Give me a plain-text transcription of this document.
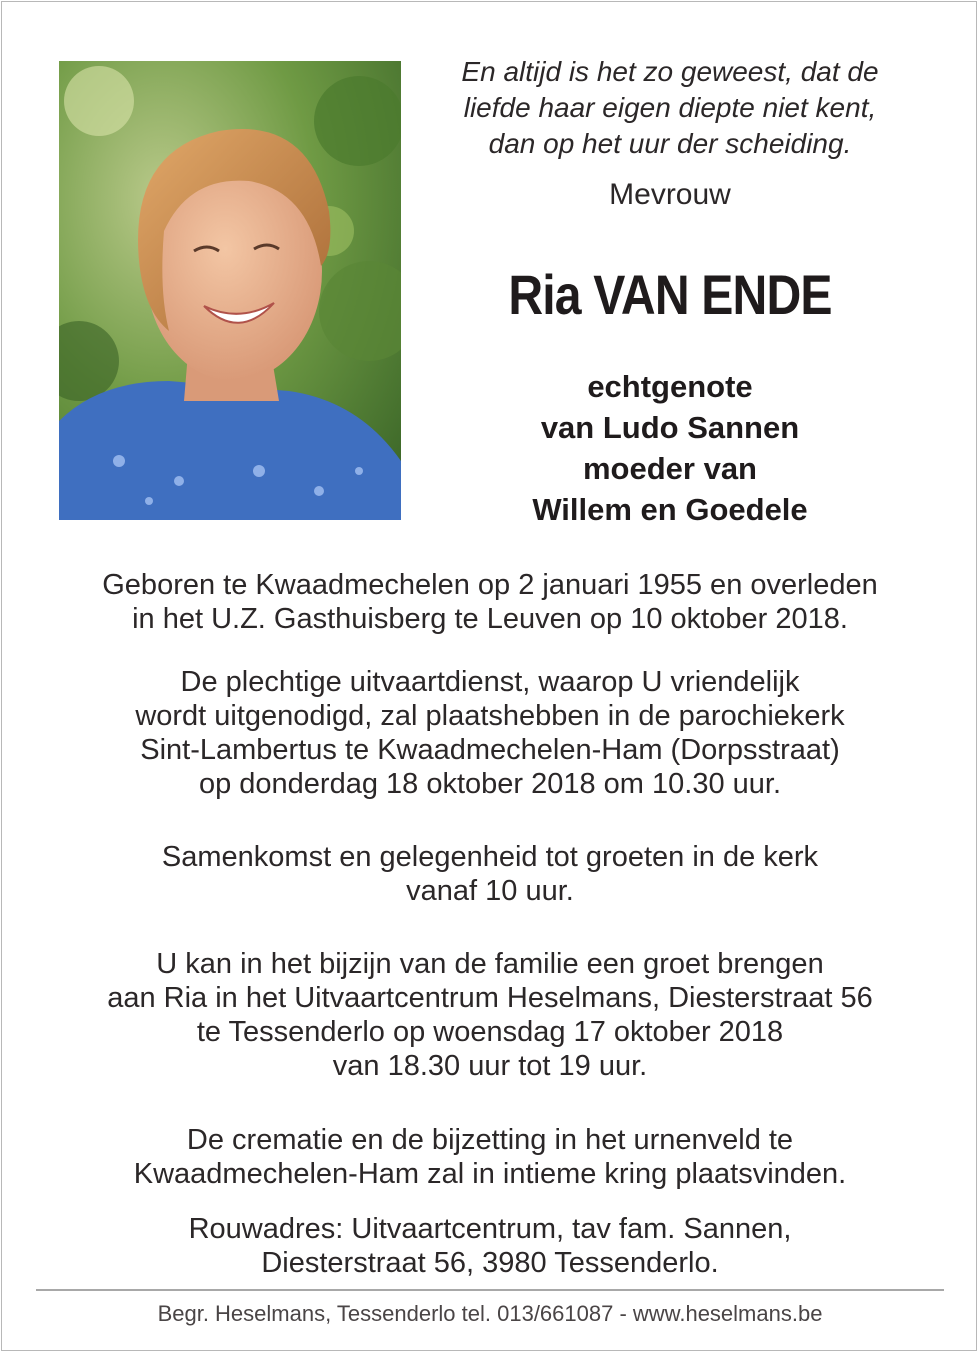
En altijd is het zo geweest, dat de
liefde haar eigen diepte niet kent,
dan op het uur der scheiding.
Mevrouw
Ria VAN ENDE
echtgenote
van Ludo Sannen
moeder van
Willem en Goedele
Geboren te Kwaadmechelen op 2 januari 1955 en overleden
in het U.Z. Gasthuisberg te Leuven op 10 oktober 2018.
De plechtige uitvaartdienst, waarop U vriendelijk
wordt uitgenodigd, zal plaatshebben in de parochiekerk
Sint-Lambertus te Kwaadmechelen-Ham (Dorpsstraat)
op donderdag 18 oktober 2018 om 10.30 uur.
Samenkomst en gelegenheid tot groeten in de kerk
vanaf 10 uur.
U kan in het bijzijn van de familie een groet brengen
aan Ria in het Uitvaartcentrum Heselmans, Diesterstraat 56
te Tessenderlo op woensdag 17 oktober 2018
van 18.30 uur tot 19 uur.
De crematie en de bijzetting in het urnenveld te
Kwaadmechelen-Ham zal in intieme kring plaatsvinden.
Rouwadres: Uitvaartcentrum, tav fam. Sannen,
Diesterstraat 56, 3980 Tessenderlo.
Begr. Heselmans, Tessenderlo tel. 013/661087 - www.heselmans.be
